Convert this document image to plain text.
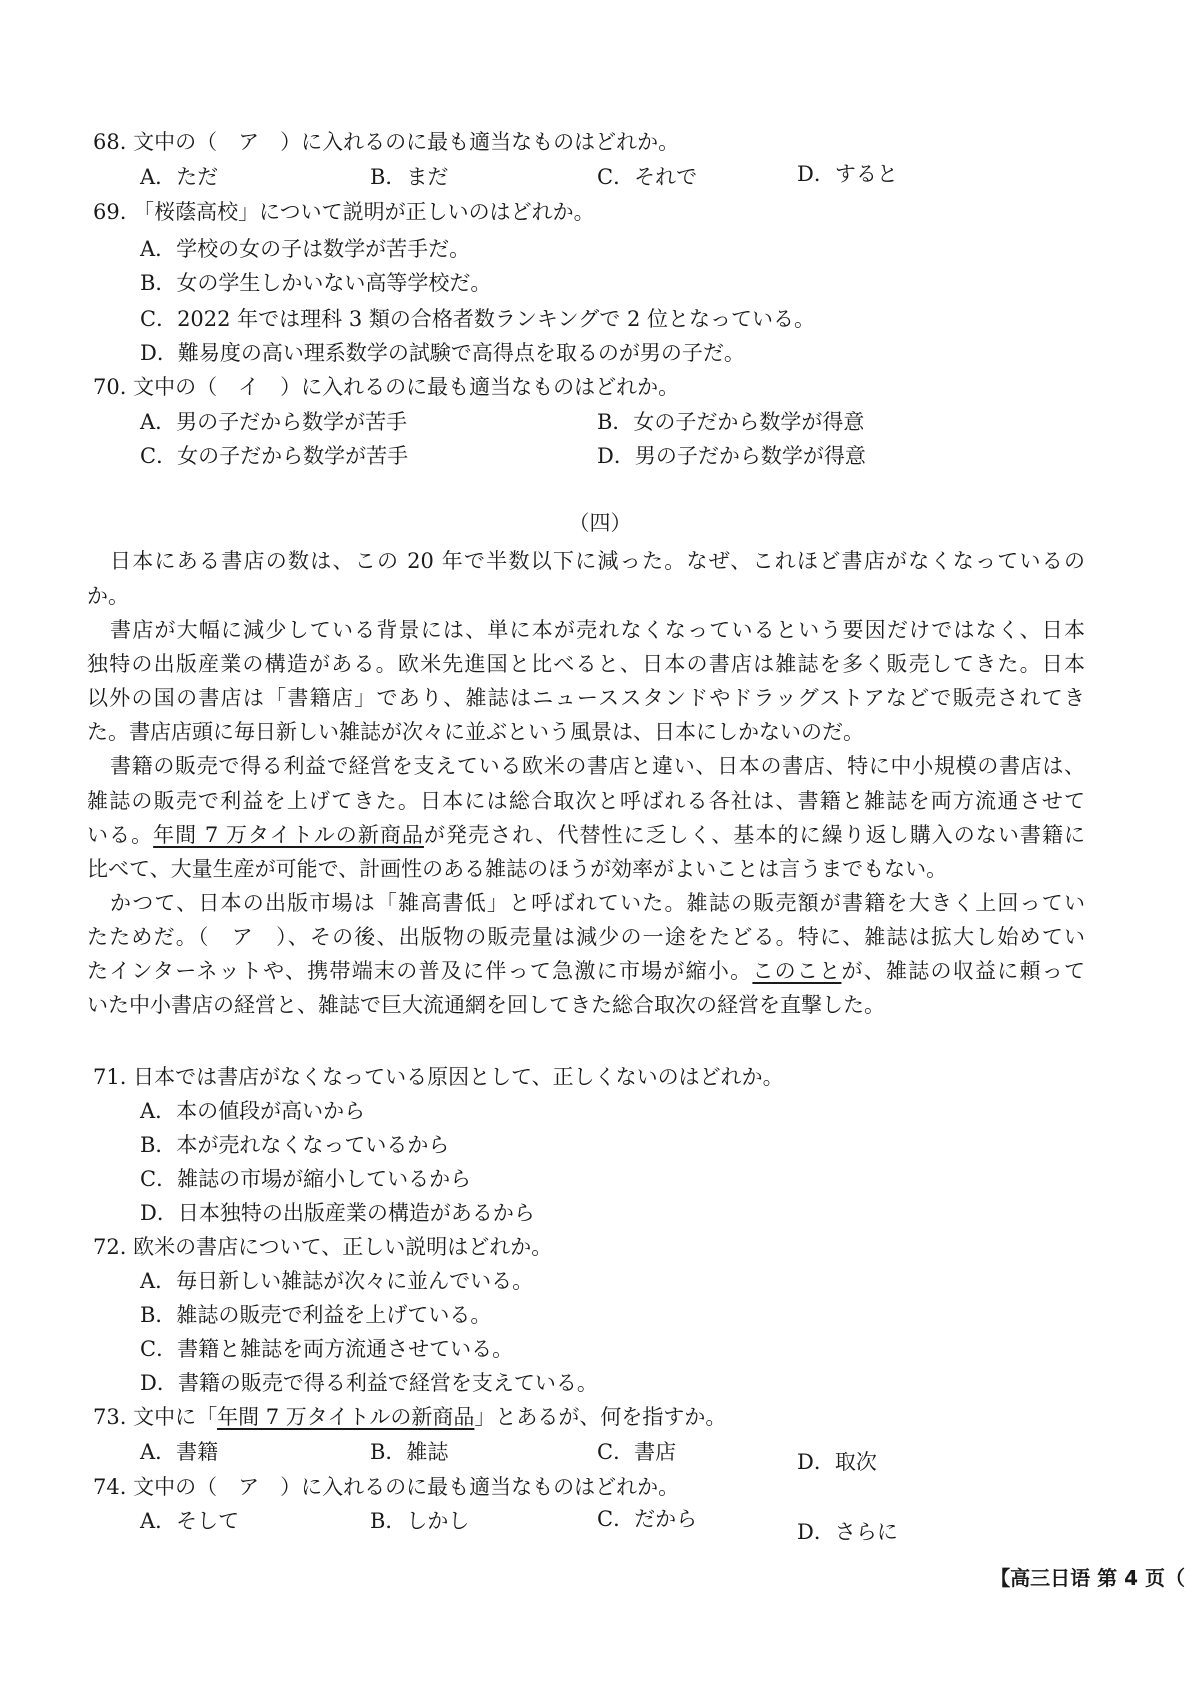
68. 文中の（　ア　）に入れるのに最も適当なものはどれか。
A．ただ	B．まだ	C．それで	D．すると
69. 「桜蔭高校」について説明が正しいのはどれか。
A．学校の女の子は数学が苦手だ。
B．女の学生しかいない高等学校だ。
C．2022 年では理科 3 類の合格者数ランキングで 2 位となっている。
D．難易度の高い理系数学の試験で高得点を取るのが男の子だ。
70. 文中の（　イ　）に入れるのに最も適当なものはどれか。
A．男の子だから数学が苦手	B．女の子だから数学が得意
C．女の子だから数学が苦手	D．男の子だから数学が得意
（四）
日本にある書店の数は、この 20 年で半数以下に減った。なぜ、これほど書店がなくなっているの
か。
書店が大幅に減少している背景には、単に本が売れなくなっているという要因だけではなく、日本
独特の出版産業の構造がある。欧米先進国と比べると、日本の書店は雑誌を多く販売してきた。日本
以外の国の書店は「書籍店」であり、雑誌はニューススタンドやドラッグストアなどで販売されてき
た。書店店頭に毎日新しい雑誌が次々に並ぶという風景は、日本にしかないのだ。
書籍の販売で得る利益で経営を支えている欧米の書店と違い、日本の書店、特に中小規模の書店は、
雑誌の販売で利益を上げてきた。日本には総合取次と呼ばれる各社は、書籍と雑誌を両方流通させて
いる。年間 7 万タイトルの新商品が発売され、代替性に乏しく、基本的に繰り返し購入のない書籍に
比べて、大量生産が可能で、計画性のある雑誌のほうが効率がよいことは言うまでもない。
かつて、日本の出版市場は「雑高書低」と呼ばれていた。雑誌の販売額が書籍を大きく上回ってい
たためだ。（　ア　）、その後、出版物の販売量は減少の一途をたどる。特に、雑誌は拡大し始めてい
たインターネットや、携帯端末の普及に伴って急激に市場が縮小。このことが、雑誌の収益に頼って
いた中小書店の経営と、雑誌で巨大流通網を回してきた総合取次の経営を直撃した。
71. 日本では書店がなくなっている原因として、正しくないのはどれか。
A．本の値段が高いから
B．本が売れなくなっているから
C．雑誌の市場が縮小しているから
D．日本独特の出版産業の構造があるから
72. 欧米の書店について、正しい説明はどれか。
A．毎日新しい雑誌が次々に並んでいる。
B．雑誌の販売で利益を上げている。
C．書籍と雑誌を両方流通させている。
D．書籍の販売で得る利益で経営を支えている。
73. 文中に「年間 7 万タイトルの新商品」とあるが、何を指すか。
A．書籍	B．雑誌	C．書店	D．取次
74. 文中の（　ア　）に入れるのに最も適当なものはどれか。
A．そして	B．しかし	C．だから
D．さらに
【高三日语 第 4 页（
